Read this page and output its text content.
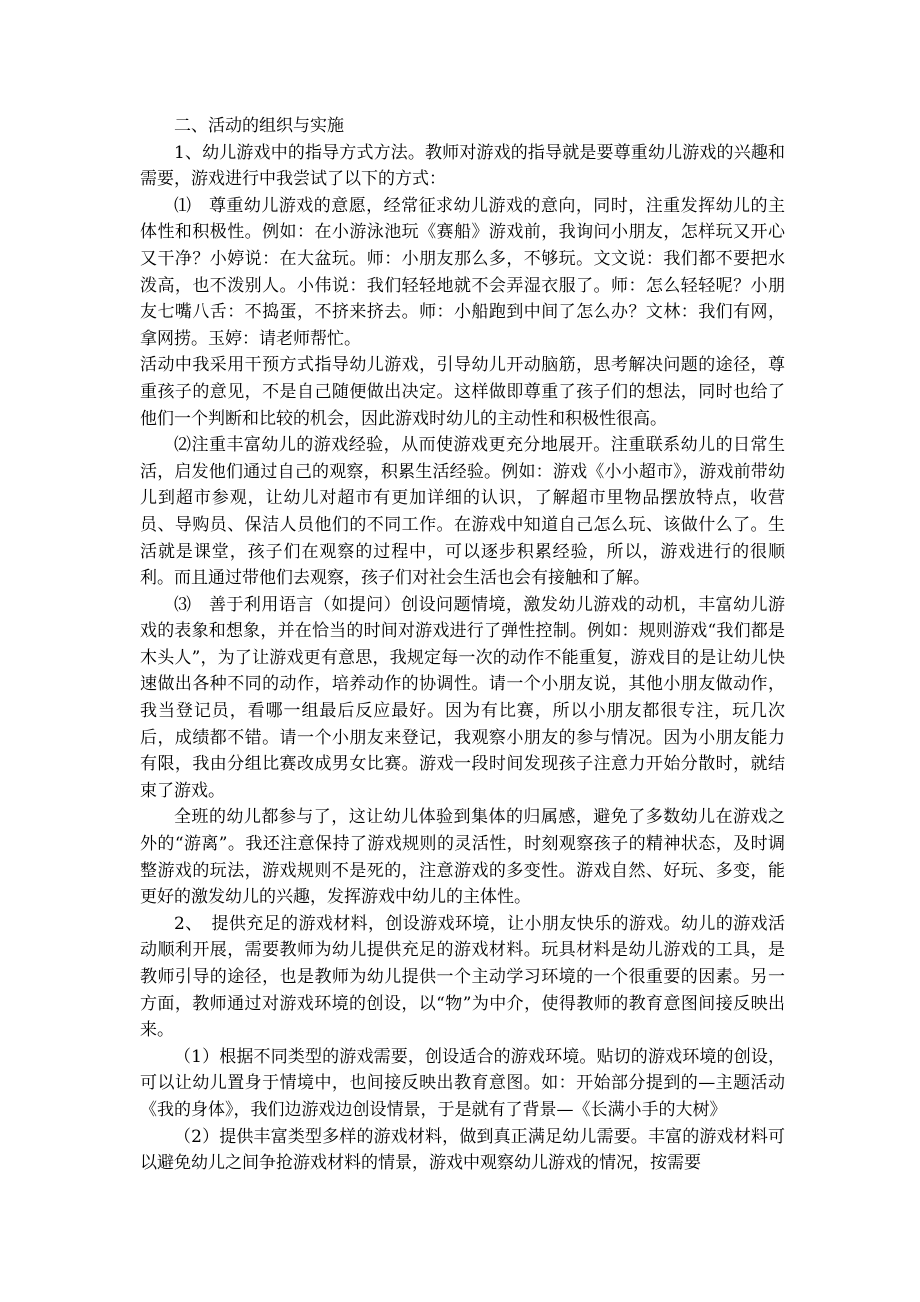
二、活动的组织与实施

1、幼儿游戏中的指导方式方法。教师对游戏的指导就是要尊重幼儿游戏的兴趣和需要，游戏进行中我尝试了以下的方式：

⑴　尊重幼儿游戏的意愿，经常征求幼儿游戏的意向，同时，注重发挥幼儿的主体性和积极性。例如：在小游泳池玩《赛船》游戏前，我询问小朋友，怎样玩又开心又干净？小婷说：在大盆玩。师：小朋友那么多，不够玩。文文说：我们都不要把水泼高，也不泼别人。小伟说：我们轻轻地就不会弄湿衣服了。师：怎么轻轻呢？小朋友七嘴八舌：不捣蛋，不挤来挤去。师：小船跑到中间了怎么办？文林：我们有网，拿网捞。玉婷：请老师帮忙。

活动中我采用干预方式指导幼儿游戏，引导幼儿开动脑筋，思考解决问题的途径，尊重孩子的意见，不是自己随便做出决定。这样做即尊重了孩子们的想法，同时也给了他们一个判断和比较的机会，因此游戏时幼儿的主动性和积极性很高。

⑵注重丰富幼儿的游戏经验，从而使游戏更充分地展开。注重联系幼儿的日常生活，启发他们通过自己的观察，积累生活经验。例如：游戏《小小超市》，游戏前带幼儿到超市参观，让幼儿对超市有更加详细的认识，了解超市里物品摆放特点，收营员、导购员、保洁人员他们的不同工作。在游戏中知道自己怎么玩、该做什么了。生活就是课堂，孩子们在观察的过程中，可以逐步积累经验，所以，游戏进行的很顺利。而且通过带他们去观察，孩子们对社会生活也会有接触和了解。

⑶　善于利用语言（如提问）创设问题情境，激发幼儿游戏的动机，丰富幼儿游戏的表象和想象，并在恰当的时间对游戏进行了弹性控制。例如：规则游戏“我们都是木头人”，为了让游戏更有意思，我规定每一次的动作不能重复，游戏目的是让幼儿快速做出各种不同的动作，培养动作的协调性。请一个小朋友说，其他小朋友做动作，我当登记员，看哪一组最后反应最好。因为有比赛，所以小朋友都很专注，玩几次后，成绩都不错。请一个小朋友来登记，我观察小朋友的参与情况。因为小朋友能力有限，我由分组比赛改成男女比赛。游戏一段时间发现孩子注意力开始分散时，就结束了游戏。

全班的幼儿都参与了，这让幼儿体验到集体的归属感，避免了多数幼儿在游戏之外的“游离”。我还注意保持了游戏规则的灵活性，时刻观察孩子的精神状态，及时调整游戏的玩法，游戏规则不是死的，注意游戏的多变性。游戏自然、好玩、多变，能更好的激发幼儿的兴趣，发挥游戏中幼儿的主体性。

2、　提供充足的游戏材料，创设游戏环境，让小朋友快乐的游戏。幼儿的游戏活动顺利开展，需要教师为幼儿提供充足的游戏材料。玩具材料是幼儿游戏的工具，是教师引导的途径，也是教师为幼儿提供一个主动学习环境的一个很重要的因素。另一方面，教师通过对游戏环境的创设，以“物”为中介，使得教师的教育意图间接反映出来。

（1）根据不同类型的游戏需要，创设适合的游戏环境。贴切的游戏环境的创设，可以让幼儿置身于情境中，也间接反映出教育意图。如：开始部分提到的—主题活动《我的身体》，我们边游戏边创设情景，于是就有了背景—《长满小手的大树》

（2）提供丰富类型多样的游戏材料，做到真正满足幼儿需要。丰富的游戏材料可以避免幼儿之间争抢游戏材料的情景，游戏中观察幼儿游戏的情况，按需要
